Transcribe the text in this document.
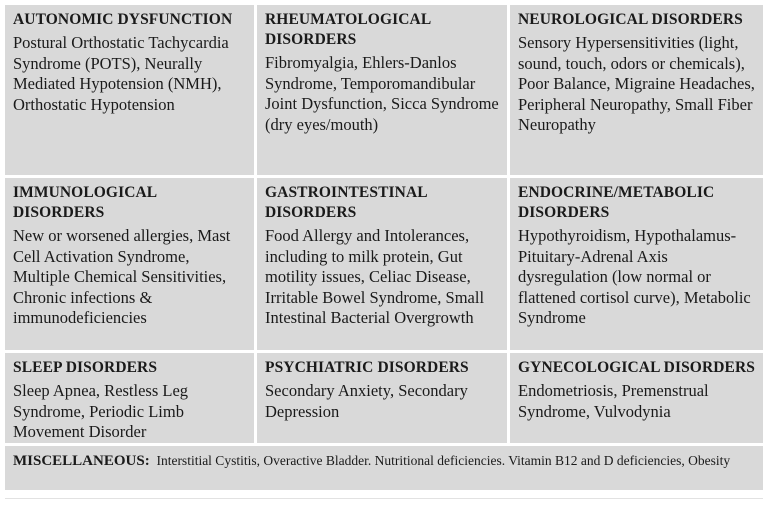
AUTONOMIC DYSFUNCTION
Postural Orthostatic Tachycardia Syndrome (POTS), Neurally Mediated Hypotension (NMH), Orthostatic Hypotension
RHEUMATOLOGICAL DISORDERS
Fibromyalgia, Ehlers-Danlos Syndrome, Temporomandibular Joint Dysfunction, Sicca Syndrome (dry eyes/mouth)
NEUROLOGICAL DISORDERS
Sensory Hypersensitivities (light, sound, touch, odors or chemicals), Poor Balance, Migraine Headaches, Peripheral Neuropathy, Small Fiber Neuropathy
IMMUNOLOGICAL DISORDERS
New or worsened allergies, Mast Cell Activation Syndrome, Multiple Chemical Sensitivities, Chronic infections & immunodeficiencies
GASTROINTESTINAL DISORDERS
Food Allergy and Intolerances, including to milk protein, Gut motility issues, Celiac Disease, Irritable Bowel Syndrome, Small Intestinal Bacterial Overgrowth
ENDOCRINE/METABOLIC DISORDERS
Hypothyroidism, Hypothalamus-Pituitary-Adrenal Axis dysregulation (low normal or flattened cortisol curve), Metabolic Syndrome
SLEEP DISORDERS
Sleep Apnea, Restless Leg Syndrome, Periodic Limb Movement Disorder
PSYCHIATRIC DISORDERS
Secondary Anxiety, Secondary Depression
GYNECOLOGICAL DISORDERS
Endometriosis, Premenstrual Syndrome, Vulvodynia
MISCELLANEOUS: Interstitial Cystitis, Overactive Bladder. Nutritional deficiencies. Vitamin B12 and D deficiencies, Obesity
